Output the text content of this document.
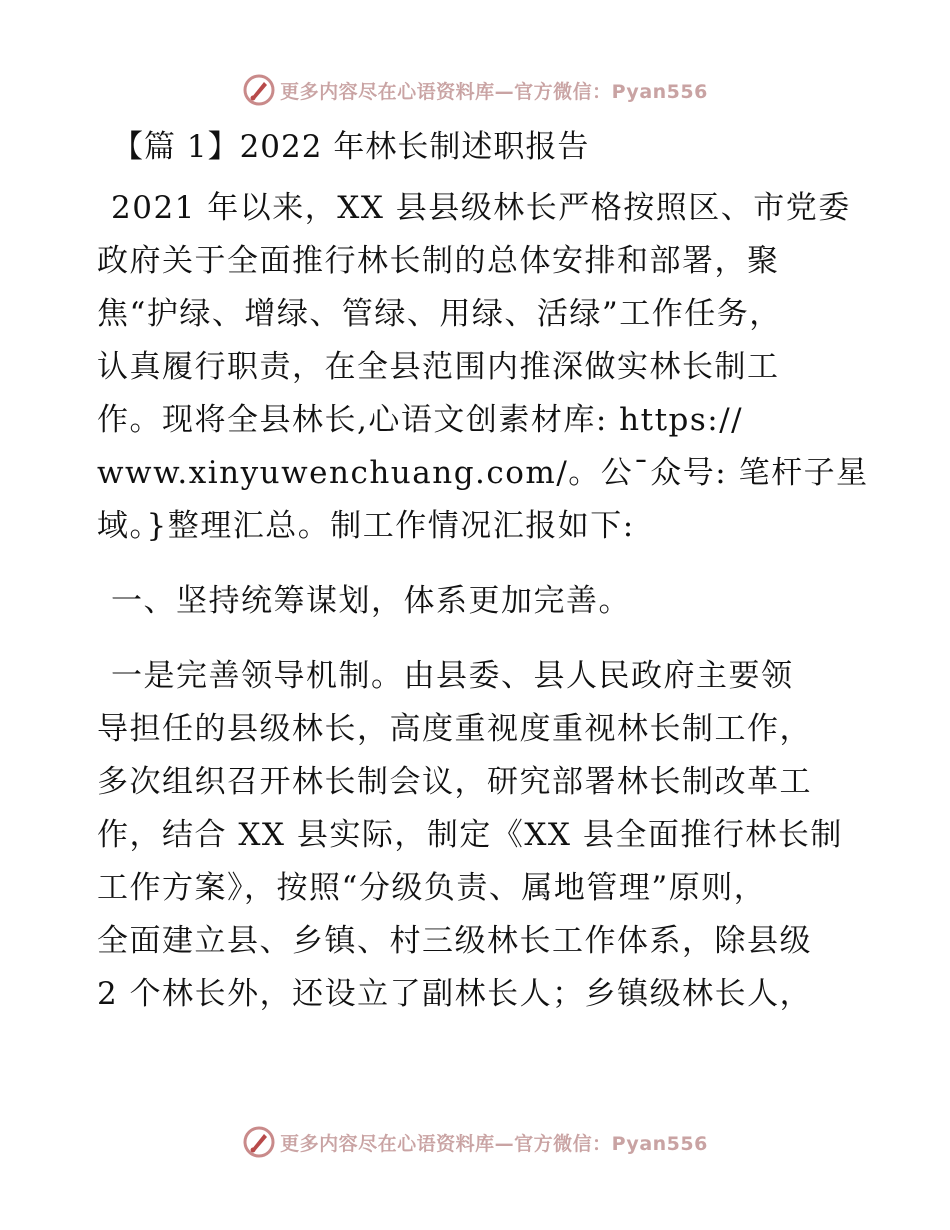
更多内容尽在心语资料库—官方微信：Pyan556
【篇 1】2022 年林长制述职报告
2021 年以来，XX 县县级林长严格按照区、市党委
政府关于全面推行林长制的总体安排和部署，聚
焦“护绿、增绿、管绿、用绿、活绿”工作任务，
认真履行职责，在全县范围内推深做实林长制工
作。现将全县林长,心语文创素材库: https://
www.xinyuwenchuang.com/。公¯众号: 笔杆子星
域。}整理汇总。制工作情况汇报如下:
一、坚持统筹谋划，体系更加完善。
一是完善领导机制。由县委、县人民政府主要领
导担任的县级林长，高度重视度重视林长制工作，
多次组织召开林长制会议，研究部署林长制改革工
作，结合 XX 县实际，制定《XX 县全面推行林长制
工作方案》，按照“分级负责、属地管理”原则，
全面建立县、乡镇、村三级林长工作体系，除县级
2 个林长外，还设立了副林长人；乡镇级林长人，
更多内容尽在心语资料库—官方微信：Pyan556
